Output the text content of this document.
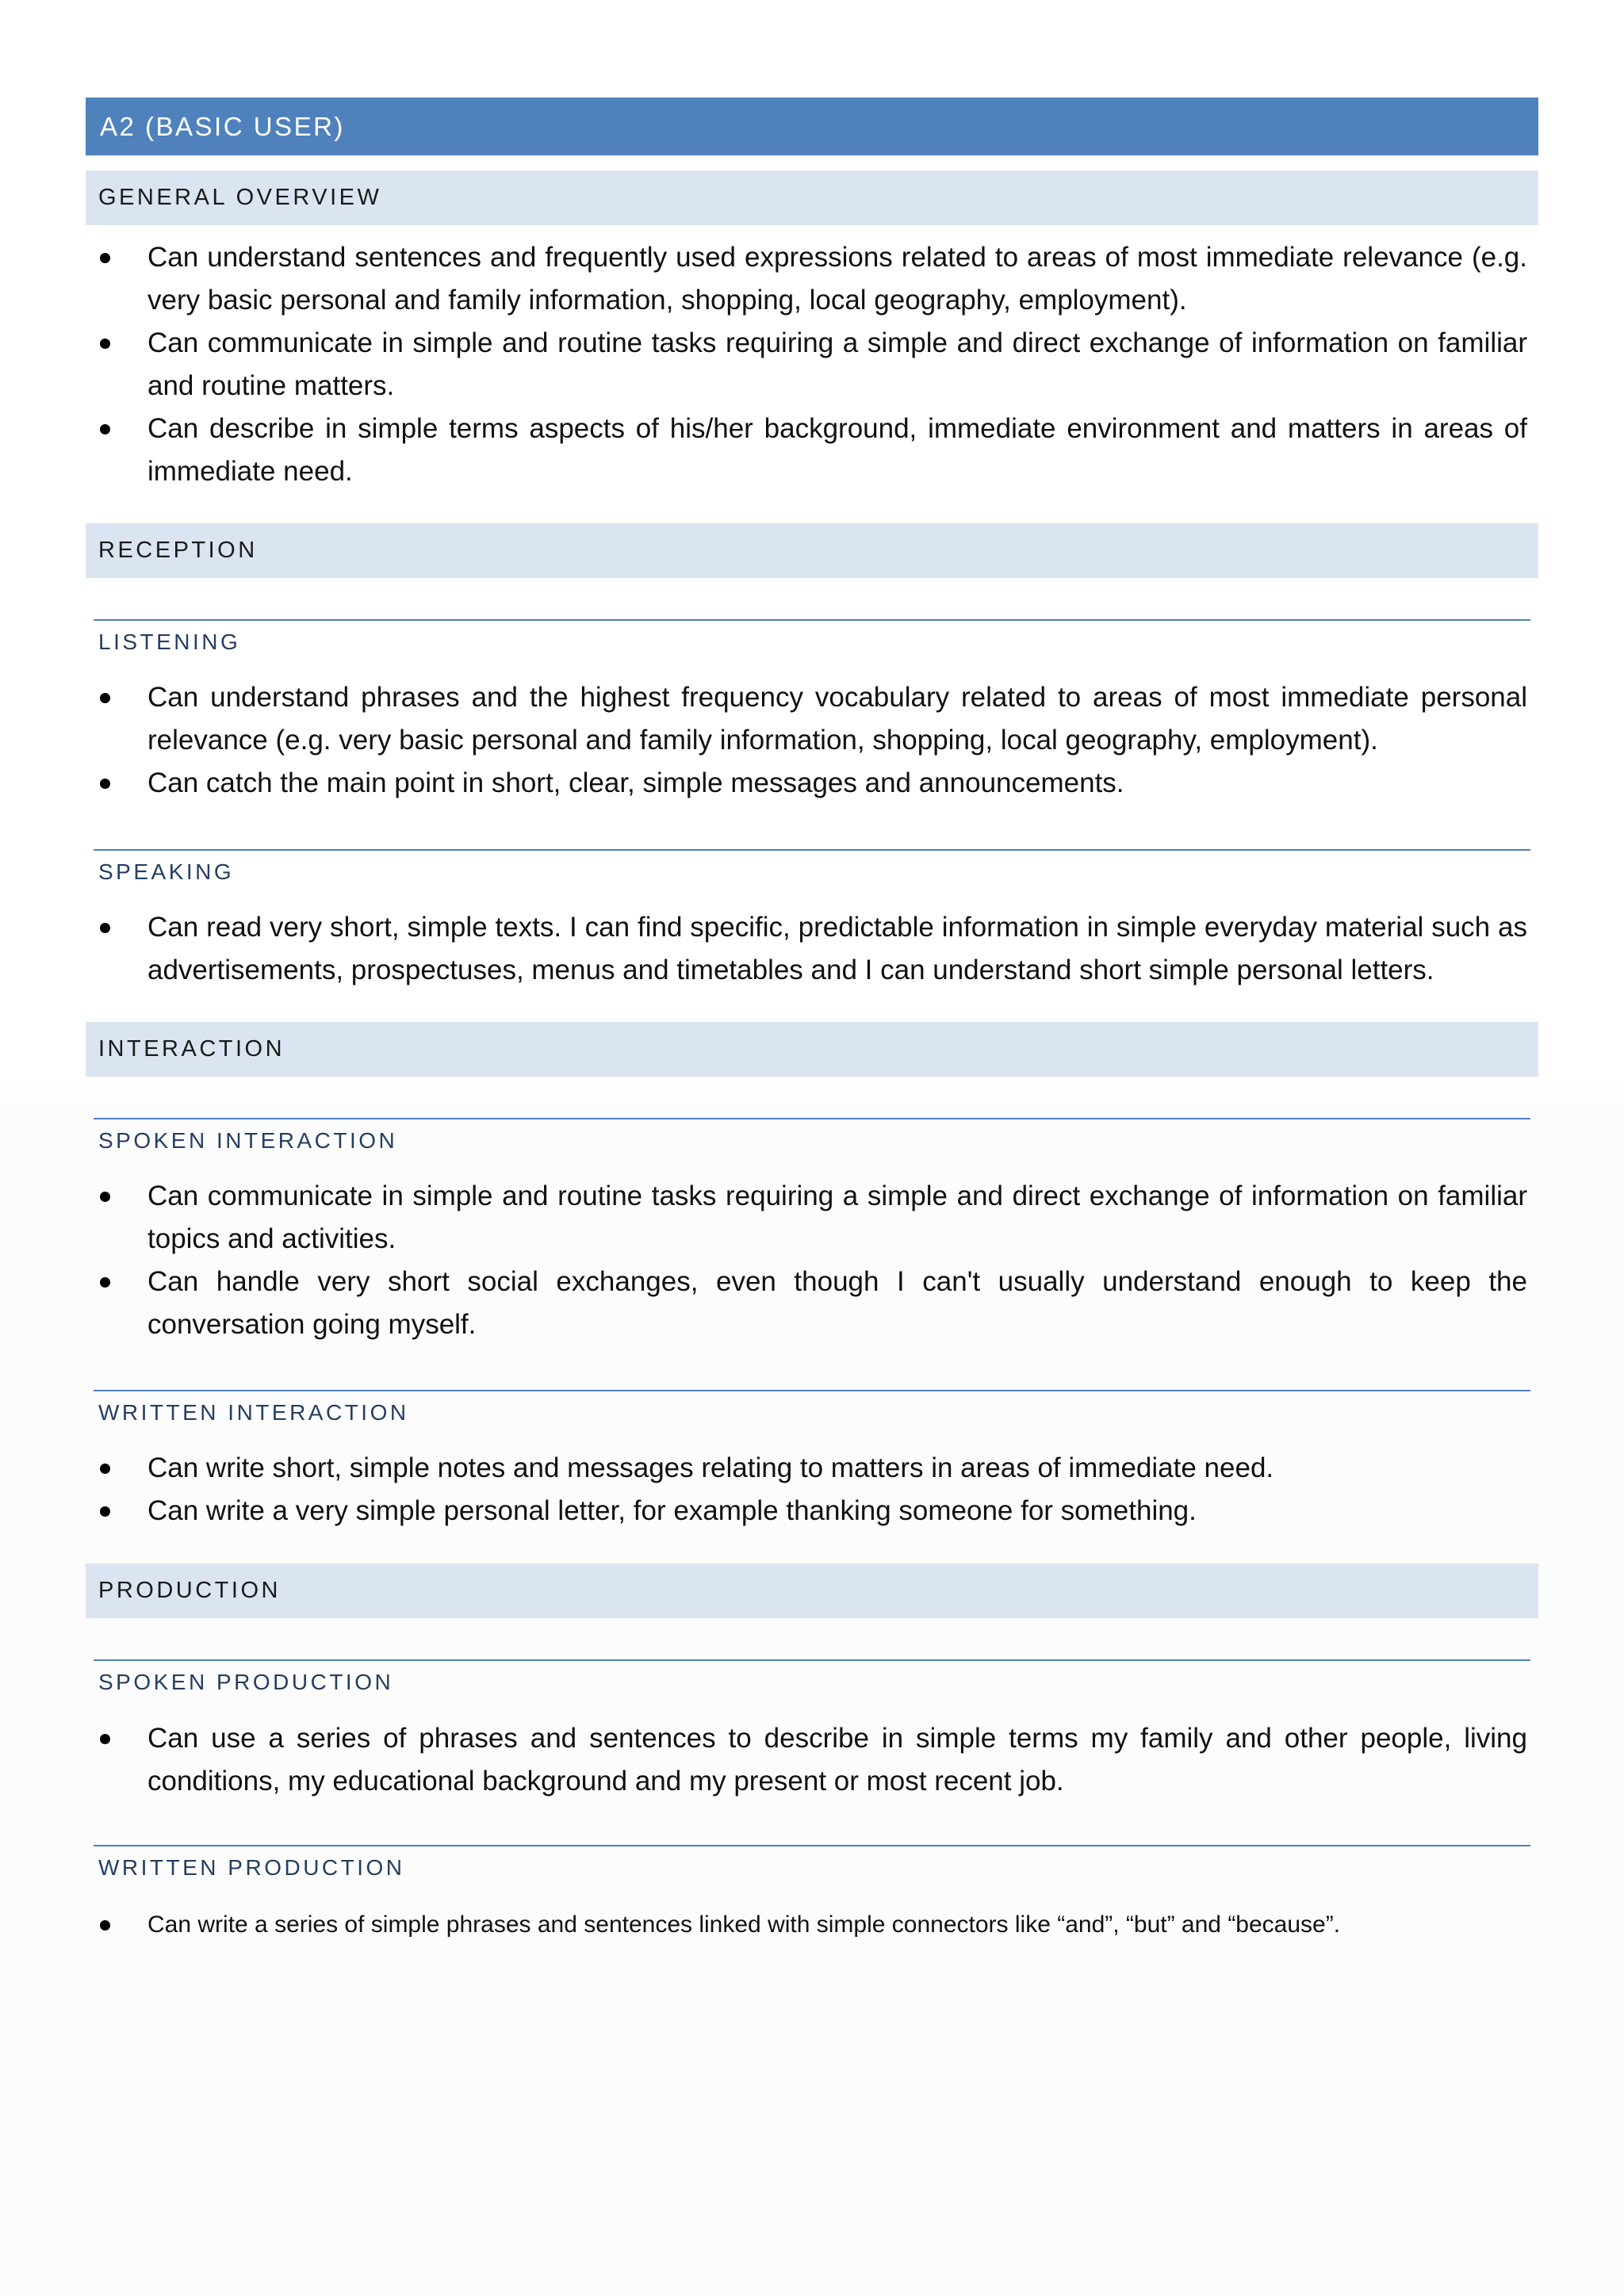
A2 (BASIC USER)
GENERAL OVERVIEW
Can understand sentences and frequently used expressions related to areas of most immediate relevance (e.g. very basic personal and family information, shopping, local geography, employment).
Can communicate in simple and routine tasks requiring a simple and direct exchange of information on familiar and routine matters.
Can describe in simple terms aspects of his/her background, immediate environment and matters in areas of immediate need.
RECEPTION
LISTENING
Can understand phrases and the highest frequency vocabulary related to areas of most immediate personal relevance (e.g. very basic personal and family information, shopping, local geography, employment).
Can catch the main point in short, clear, simple messages and announcements.
SPEAKING
Can read very short, simple texts. I can find specific, predictable information in simple everyday material such as advertisements, prospectuses, menus and timetables and I can understand short simple personal letters.
INTERACTION
SPOKEN INTERACTION
Can communicate in simple and routine tasks requiring a simple and direct exchange of information on familiar topics and activities.
Can handle very short social exchanges, even though I can't usually understand enough to keep the conversation going myself.
WRITTEN INTERACTION
Can write short, simple notes and messages relating to matters in areas of immediate need.
Can write a very simple personal letter, for example thanking someone for something.
PRODUCTION
SPOKEN PRODUCTION
Can use a series of phrases and sentences to describe in simple terms my family and other people, living conditions, my educational background and my present or most recent job.
WRITTEN PRODUCTION
Can write a series of simple phrases and sentences linked with simple connectors like “and”, “but” and “because”.
